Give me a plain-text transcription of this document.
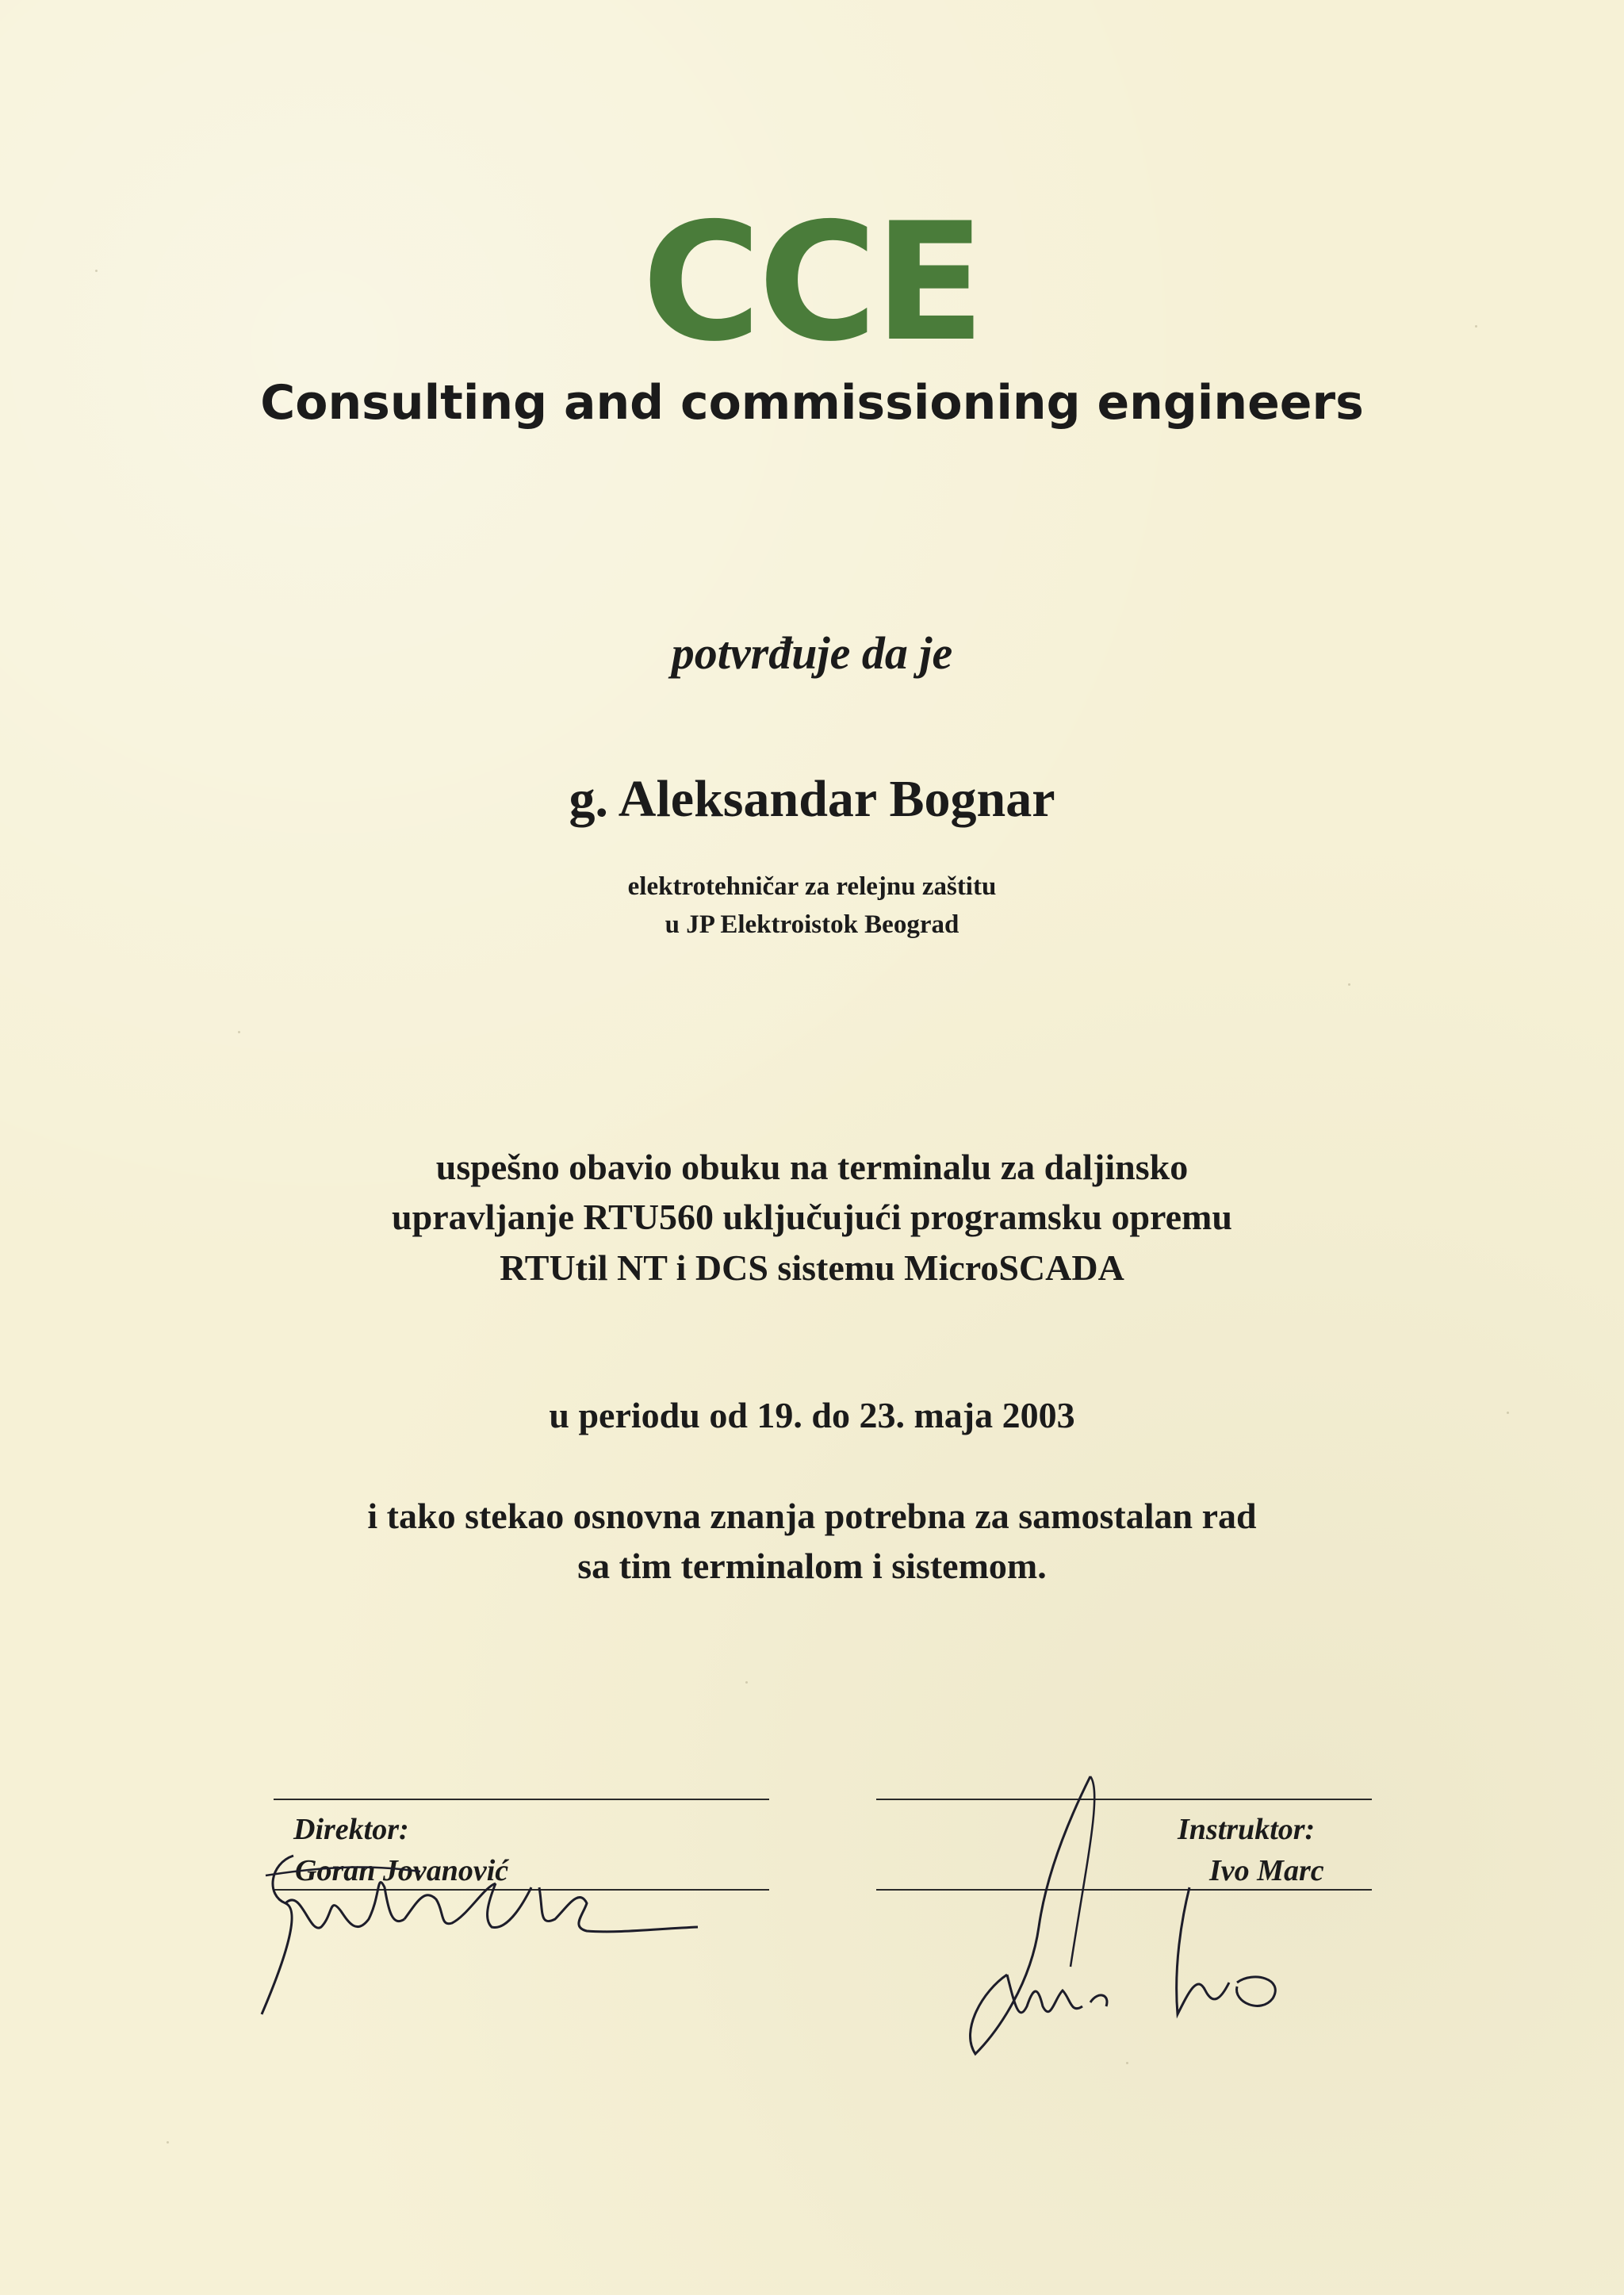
CCE
Consulting and commissioning engineers
potvrđuje da je
g. Aleksandar Bognar
elektrotehničar za relejnu zaštitu
u JP Elektroistok Beograd
uspešno obavio obuku na terminalu za daljinsko
upravljanje RTU560 uključujući programsku opremu
RTUtil NT i DCS sistemu MicroSCADA
u periodu od 19. do 23. maja 2003
i tako stekao osnovna znanja potrebna za samostalan rad
sa tim terminalom i sistemom.
Direktor:
Goran Jovanović
Instruktor:
Ivo Marc
